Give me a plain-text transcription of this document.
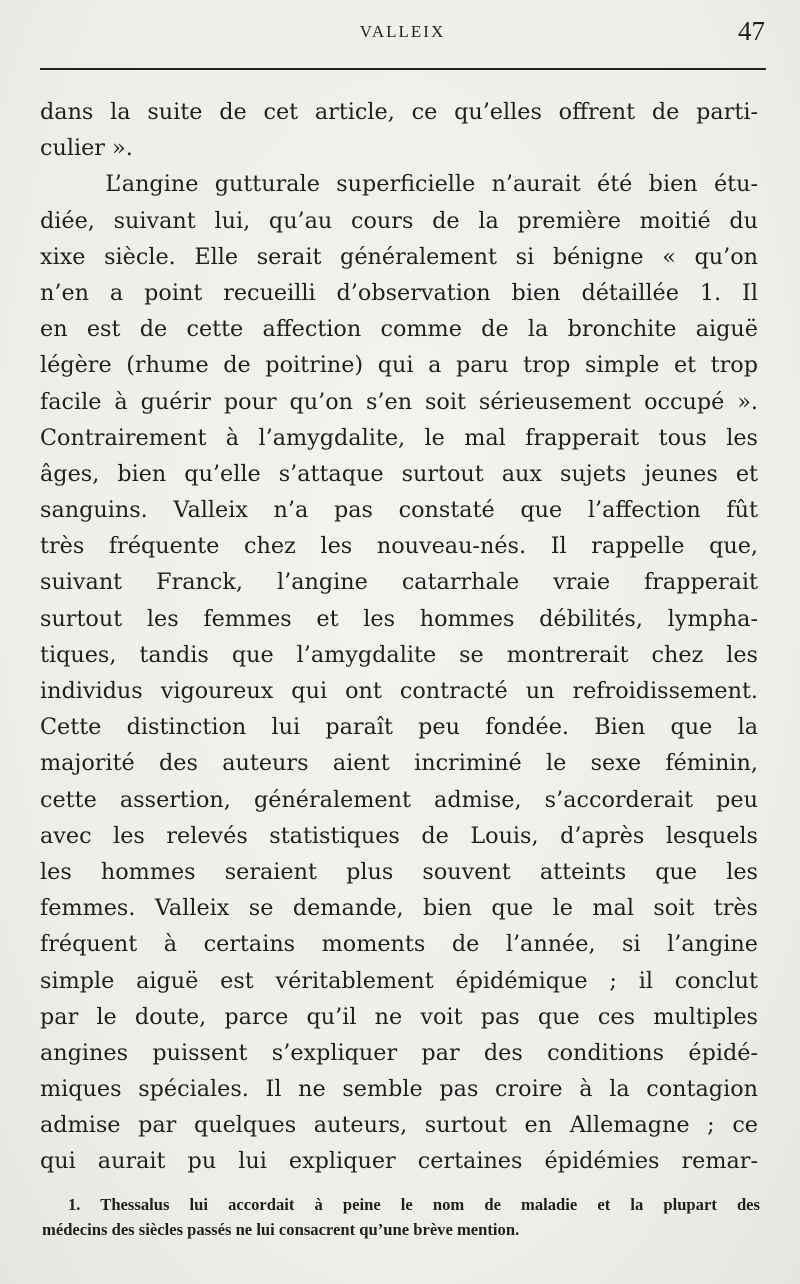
VALLEIX	47
dans la suite de cet article, ce qu’elles offrent de parti-
culier ».
L’angine gutturale superficielle n’aurait été bien étu-
diée, suivant lui, qu’au cours de la première moitié du
xixe siècle. Elle serait généralement si bénigne « qu’on
n’en a point recueilli d’observation bien détaillée 1. Il
en est de cette affection comme de la bronchite aiguë
légère (rhume de poitrine) qui a paru trop simple et trop
facile à guérir pour qu’on s’en soit sérieusement occupé ».
Contrairement à l’amygdalite, le mal frapperait tous les
âges, bien qu’elle s’attaque surtout aux sujets jeunes et
sanguins. Valleix n’a pas constaté que l’affection fût
très fréquente chez les nouveau-nés. Il rappelle que,
suivant Franck, l’angine catarrhale vraie frapperait
surtout les femmes et les hommes débilités, lympha-
tiques, tandis que l’amygdalite se montrerait chez les
individus vigoureux qui ont contracté un refroidissement.
Cette distinction lui paraît peu fondée. Bien que la
majorité des auteurs aient incriminé le sexe féminin,
cette assertion, généralement admise, s’accorderait peu
avec les relevés statistiques de Louis, d’après lesquels
les hommes seraient plus souvent atteints que les
femmes. Valleix se demande, bien que le mal soit très
fréquent à certains moments de l’année, si l’angine
simple aiguë est véritablement épidémique ; il conclut
par le doute, parce qu’il ne voit pas que ces multiples
angines puissent s’expliquer par des conditions épidé-
miques spéciales. Il ne semble pas croire à la contagion
admise par quelques auteurs, surtout en Allemagne ; ce
qui aurait pu lui expliquer certaines épidémies remar-
1. Thessalus lui accordait à peine le nom de maladie et la plupart des
médecins des siècles passés ne lui consacrent qu’une brève mention.
